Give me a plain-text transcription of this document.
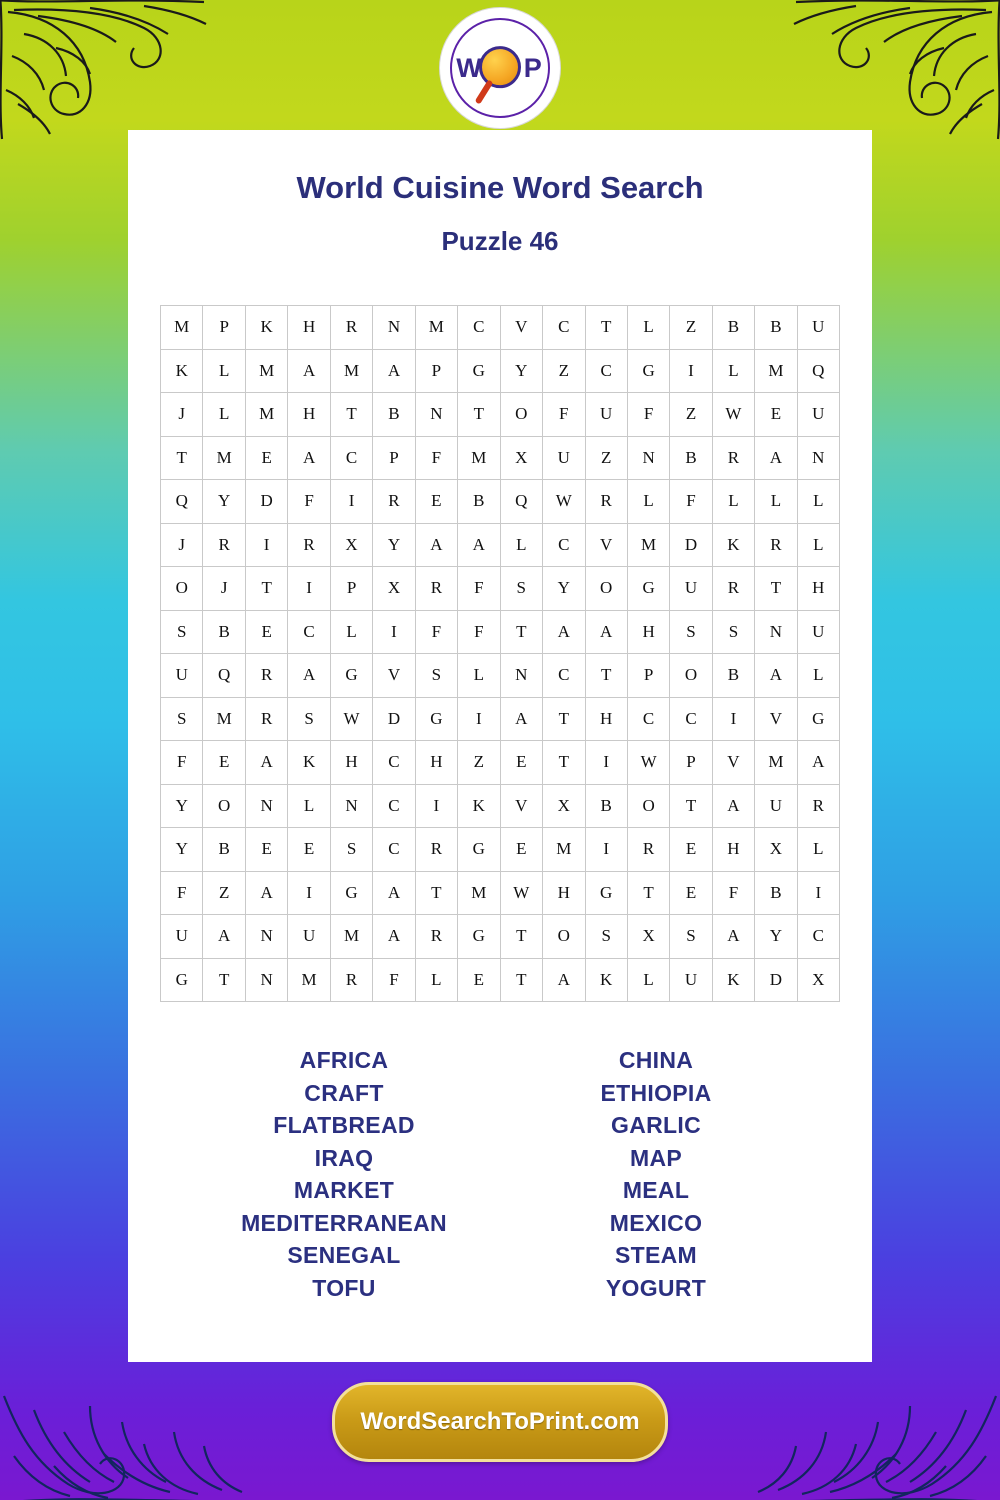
W P
World Cuisine Word Search
Puzzle 46
M	P	K	H	R	N	M	C	V	C	T	L	Z	B	B	U
K	L	M	A	M	A	P	G	Y	Z	C	G	I	L	M	Q
J	L	M	H	T	B	N	T	O	F	U	F	Z	W	E	U
T	M	E	A	C	P	F	M	X	U	Z	N	B	R	A	N
Q	Y	D	F	I	R	E	B	Q	W	R	L	F	L	L	L
J	R	I	R	X	Y	A	A	L	C	V	M	D	K	R	L
O	J	T	I	P	X	R	F	S	Y	O	G	U	R	T	H
S	B	E	C	L	I	F	F	T	A	A	H	S	S	N	U
U	Q	R	A	G	V	S	L	N	C	T	P	O	B	A	L
S	M	R	S	W	D	G	I	A	T	H	C	C	I	V	G
F	E	A	K	H	C	H	Z	E	T	I	W	P	V	M	A
Y	O	N	L	N	C	I	K	V	X	B	O	T	A	U	R
Y	B	E	E	S	C	R	G	E	M	I	R	E	H	X	L
F	Z	A	I	G	A	T	M	W	H	G	T	E	F	B	I
U	A	N	U	M	A	R	G	T	O	S	X	S	A	Y	C
G	T	N	M	R	F	L	E	T	A	K	L	U	K	D	X
AFRICA
CRAFT
FLATBREAD
IRAQ
MARKET
MEDITERRANEAN
SENEGAL
TOFU
CHINA
ETHIOPIA
GARLIC
MAP
MEAL
MEXICO
STEAM
YOGURT
WordSearchToPrint.com
